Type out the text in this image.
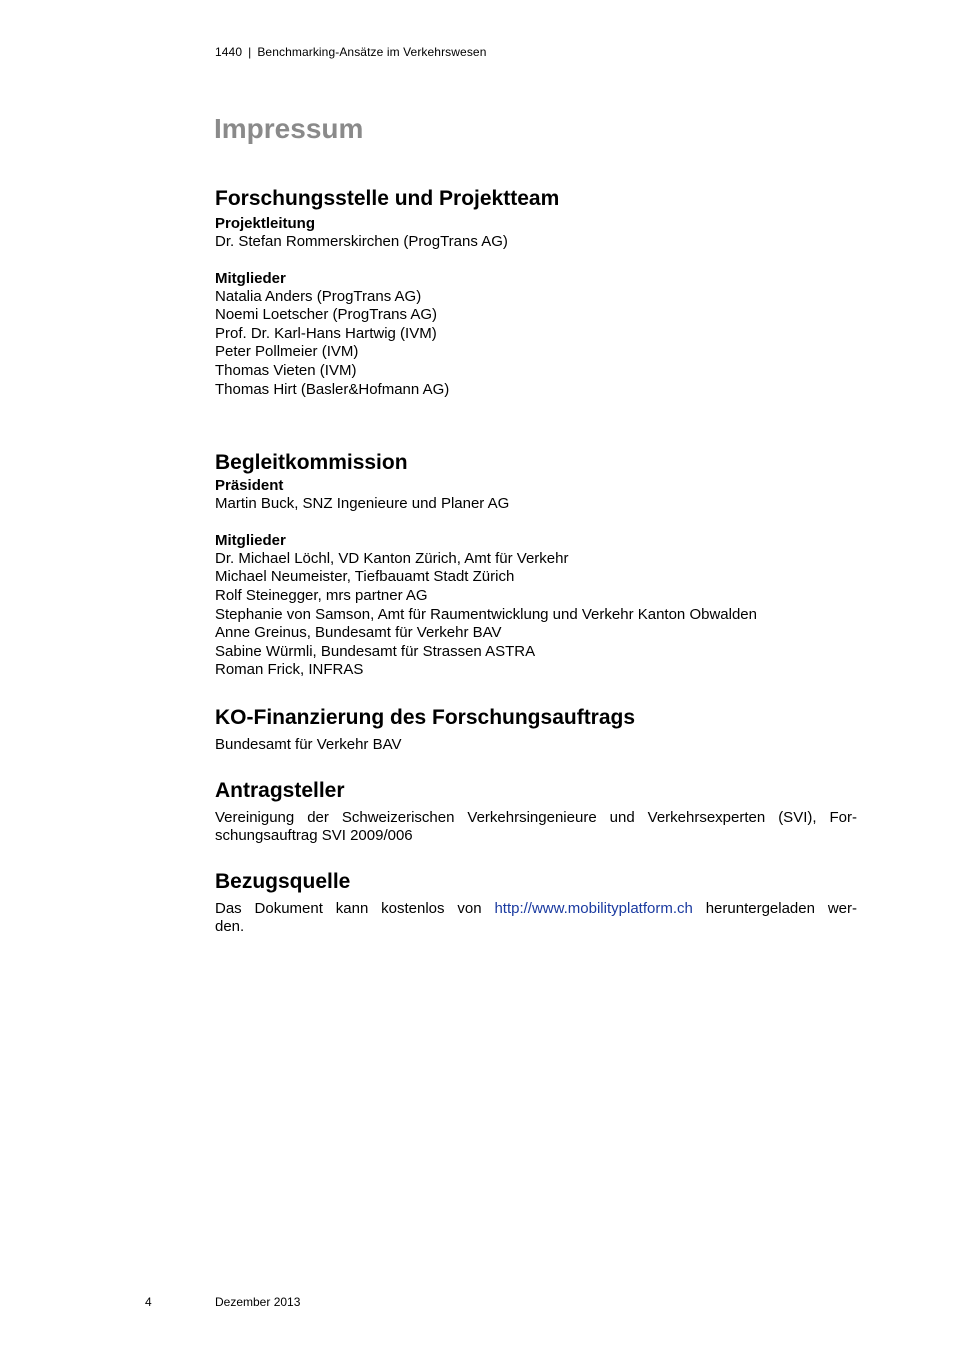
1440 | Benchmarking-Ansätze im Verkehrswesen
Impressum
Forschungsstelle und Projektteam

Projektleitung

Dr. Stefan Rommerskirchen (ProgTrans AG)

Mitglieder

Natalia Anders (ProgTrans AG)

Noemi Loetscher (ProgTrans AG)

Prof. Dr. Karl-Hans Hartwig (IVM)

Peter Pollmeier (IVM)

Thomas Vieten (IVM)

Thomas Hirt (Basler&Hofmann AG)

Begleitkommission

Präsident

Martin Buck, SNZ Ingenieure und Planer AG

Mitglieder

Dr. Michael Löchl, VD Kanton Zürich, Amt für Verkehr

Michael Neumeister, Tiefbauamt Stadt Zürich

Rolf Steinegger, mrs partner AG

Stephanie von Samson, Amt für Raumentwicklung und Verkehr Kanton Obwalden

Anne Greinus, Bundesamt für Verkehr BAV

Sabine Würmli, Bundesamt für Strassen ASTRA

Roman Frick, INFRAS

KO-Finanzierung des Forschungsauftrags

Bundesamt für Verkehr BAV

Antragsteller

Vereinigung der Schweizerischen Verkehrsingenieure und Verkehrsexperten (SVI), For-

schungsauftrag SVI 2009/006

Bezugsquelle

Das Dokument kann kostenlos von http://www.mobilityplatform.ch heruntergeladen wer-

den.

4	Dezember 2013
